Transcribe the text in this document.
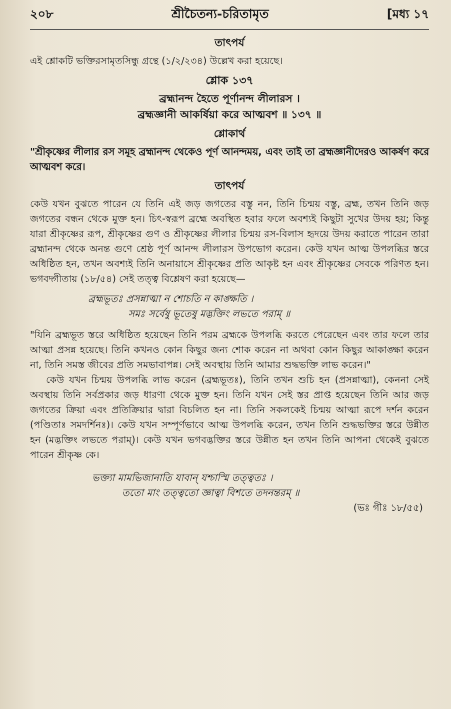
২০৮	শ্রীচৈতন্য-চরিতামৃত	[মধ্য ১৭
তাৎপর্য

এই শ্লোকটি ভক্তিরসামৃতসিন্ধু গ্রন্থে (১/২/২৩৪) উল্লেখ করা হয়েছে।

শ্লোক ১৩৭
ব্রহ্মানন্দ হৈতে পূর্ণানন্দ লীলারস ।
ব্রহ্মজ্ঞানী আকর্ষিয়া করে আত্মবশ ॥ ১৩৭ ॥
শ্লোকার্থ

"শ্রীকৃষ্ণের লীলার রস সমূহ ব্রহ্মানন্দ থেকেও পূর্ণ আনন্দময়, এবং তাই তা ব্রহ্মজ্ঞানীদেরও আকর্ষণ করে আত্মবশ করে।

তাৎপর্য

কেউ যখন বুঝতে পারেন যে তিনি এই জড় জগতের বস্তু নন, তিনি চিন্ময় বস্তু, ব্রহ্ম, তখন তিনি জড় জগতের বন্ধন থেকে মুক্ত হন। চিৎ-স্বরূপ ব্রহ্মে অবস্থিত হবার ফলে অবশ্যই কিছুটা সুখের উদয় হয়; কিন্তু যারা শ্রীকৃষ্ণের রূপ, শ্রীকৃষ্ণের গুণ ও শ্রীকৃষ্ণের লীলার চিন্ময় রস-বিলাস হৃদয়ে উদয় করাতে পারেন তারা ব্রহ্মানন্দ থেকে অনন্ত গুণে শ্রেষ্ঠ পূর্ণ আনন্দ লীলারস উপভোগ করেন। কেউ যখন আত্ম উপলব্ধির স্তরে অধিষ্ঠিত হন, তখন অবশ্যই তিনি অনায়াসে শ্রীকৃষ্ণের প্রতি আকৃষ্ট হন এবং শ্রীকৃষ্ণের সেবকে পরিণত হন। ভগবদ্গীতায় (১৮/৫৪) সেই তত্ত্ব বিশ্লেষণ করা হয়েছে—

ব্রহ্মভূতঃ প্রসন্নাত্মা ন শোচতি ন কাঙ্ক্ষতি ।
সমঃ সর্বেষু ভূতেষু মদ্ভক্তিং লভতে পরাম্ ॥

"যিনি ব্রহ্মভূত স্তরে অধিষ্ঠিত হয়েছেন তিনি পরম ব্রহ্মকে উপলব্ধি করতে পেরেছেন এবং তার ফলে তার আত্মা প্রসন্ন হয়েছে। তিনি কখনও কোন কিছুর জন্য শোক করেন না অথবা কোন কিছুর আকাঙ্ক্ষা করেন না, তিনি সমস্ত জীবের প্রতি সমভাবাপন্ন। সেই অবস্থায় তিনি আমার শুদ্ধভক্তি লাভ করেন।"

কেউ যখন চিন্ময় উপলব্ধি লাভ করেন (ব্রহ্মভূতঃ), তিনি তখন শুচি হন (প্রসন্নাত্মা), কেননা সেই অবস্থায় তিনি সর্বপ্রকার জড় ধারণা থেকে মুক্ত হন। তিনি যখন সেই স্তর প্রাপ্ত হয়েছেন তিনি আর জড় জগতের ক্রিয়া এবং প্রতিক্রিয়ার দ্বারা বিচলিত হন না। তিনি সকলকেই চিন্ময় আত্মা রূপে দর্শন করেন (পণ্ডিতাঃ সমদর্শিনঃ)। কেউ যখন সম্পূর্ণভাবে আত্ম উপলব্ধি করেন, তখন তিনি শুদ্ধভক্তির স্তরে উন্নীত হন (মদ্ভক্তিং লভতে পরাম্)। কেউ যখন ভগবদ্ভক্তির স্তরে উন্নীত হন তখন তিনি আপনা থেকেই বুঝতে পারেন শ্রীকৃষ্ণ কে।

ভক্ত্যা মামভিজানাতি যাবান্ যশ্চাস্মি তত্ত্বতঃ ।
ততো মাং তত্ত্বতো জ্ঞাত্বা বিশতে তদনন্তরম্ ॥
(ভঃ গীঃ ১৮/৫৫)
